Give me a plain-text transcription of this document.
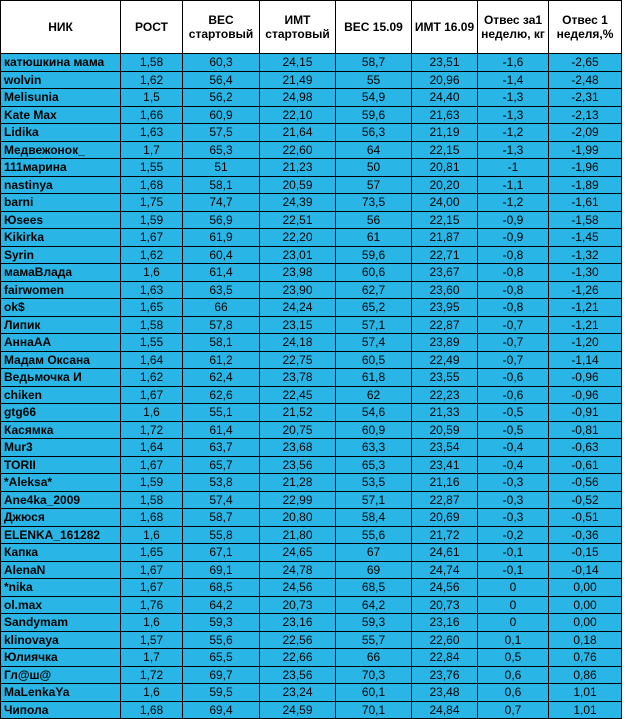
НИК	РОСТ	ВЕС стартовый	ИМТ стартовый	ВЕС 15.09	ИМТ 16.09	Отвес за1 неделю, кг	Отвес 1 неделя,%
катюшкина мама	1,58	60,3	24,15	58,7	23,51	-1,6	-2,65
wolvin	1,62	56,4	21,49	55	20,96	-1,4	-2,48
Melisunia	1,5	56,2	24,98	54,9	24,40	-1,3	-2,31
Kate Max	1,66	60,9	22,10	59,6	21,63	-1,3	-2,13
Lidika	1,63	57,5	21,64	56,3	21,19	-1,2	-2,09
Медвежонок_	1,7	65,3	22,60	64	22,15	-1,3	-1,99
111марина	1,55	51	21,23	50	20,81	-1	-1,96
nastinya	1,68	58,1	20,59	57	20,20	-1,1	-1,89
barni	1,75	74,7	24,39	73,5	24,00	-1,2	-1,61
Юsees	1,59	56,9	22,51	56	22,15	-0,9	-1,58
Kikirka	1,67	61,9	22,20	61	21,87	-0,9	-1,45
Syrin	1,62	60,4	23,01	59,6	22,71	-0,8	-1,32
мамаВлада	1,6	61,4	23,98	60,6	23,67	-0,8	-1,30
fairwomen	1,63	63,5	23,90	62,7	23,60	-0,8	-1,26
ok$	1,65	66	24,24	65,2	23,95	-0,8	-1,21
Липик	1,58	57,8	23,15	57,1	22,87	-0,7	-1,21
АннаАА	1,55	58,1	24,18	57,4	23,89	-0,7	-1,20
Мадам Оксана	1,64	61,2	22,75	60,5	22,49	-0,7	-1,14
Ведьмочка И	1,62	62,4	23,78	61,8	23,55	-0,6	-0,96
chiken	1,67	62,6	22,45	62	22,23	-0,6	-0,96
gtg66	1,6	55,1	21,52	54,6	21,33	-0,5	-0,91
Касямка	1,72	61,4	20,75	60,9	20,59	-0,5	-0,81
Mur3	1,64	63,7	23,68	63,3	23,54	-0,4	-0,63
TORII	1,67	65,7	23,56	65,3	23,41	-0,4	-0,61
*Aleksa*	1,59	53,8	21,28	53,5	21,16	-0,3	-0,56
Ane4ka_2009	1,58	57,4	22,99	57,1	22,87	-0,3	-0,52
Джюся	1,68	58,7	20,80	58,4	20,69	-0,3	-0,51
ELENKA_161282	1,6	55,8	21,80	55,6	21,72	-0,2	-0,36
Капка	1,65	67,1	24,65	67	24,61	-0,1	-0,15
AlenaN	1,67	69,1	24,78	69	24,74	-0,1	-0,14
*nika	1,67	68,5	24,56	68,5	24,56	0	0,00
ol.max	1,76	64,2	20,73	64,2	20,73	0	0,00
Sandymam	1,6	59,3	23,16	59,3	23,16	0	0,00
klinovaya	1,57	55,6	22,56	55,7	22,60	0,1	0,18
Юлиячка	1,7	65,5	22,66	66	22,84	0,5	0,76
Гл@ш@	1,72	69,7	23,56	70,3	23,76	0,6	0,86
MaLenkaYa	1,6	59,5	23,24	60,1	23,48	0,6	1,01
Чипола	1,68	69,4	24,59	70,1	24,84	0,7	1,01
